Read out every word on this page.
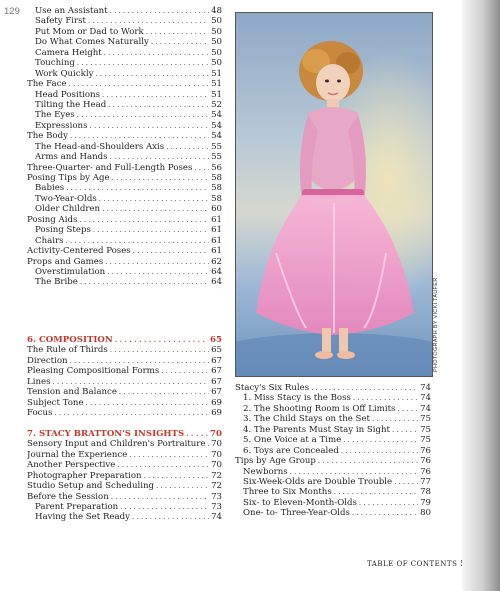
129 Use an Assistant . . .	48
Safety First . . .	50
Put Mom or Dad to Work . . .	50
Do What Comes Naturally . . .	50
Camera Height . . .	50
Touching . . .	50
Work Quickly . . .	51
The Face . . .	51
Head Positions . . .	51
Tilting the Head . . .	52
The Eyes . . .	54
Expressions . . .	54
The Body . . .	54
The Head-and-Shoulders Axis . . .	55
Arms and Hands . . .	55
Three-Quarter- and Full-Length Poses . . . 56
Posing Tips by Age . . .	58
Babies . . .	58
Two-Year-Olds . . .	58
Older Children . . .	60
Posing Aids . . .	61
Posing Steps . . .	61
Chairs . . .	61
Activity-Centered Poses . . .	61
Props and Games . . .	62
Overstimulation . . .	64
The Bribe . . .	64
6. COMPOSITION . . .	65
The Rule of Thirds . . .	65
Direction . . .	67
Pleasing Compositional Forms . . .	67
Lines . . .	67
Tension and Balance . . .	67
Subject Tone . . .	69
Focus . . .	69
7. STACY BRATTON'S INSIGHTS . . .	70
Sensory Input and Children's Portraiture . . . 70
Journal the Experience . . .	70
Another Perspective . . .	70
Photographer Preparation . . .	72
Studio Setup and Scheduling . . .	72
Before the Session . . .	73
Parent Preparation . . .	73
Having the Set Ready . . .	74
Stacy's Six Rules . . .	74
1. Miss Stacy is the Boss . . .	74
2. The Shooting Room is Off Limits . . .	74
3. The Child Stays on the Set . . .	75
4. The Parents Must Stay in Sight . . .	75
5. One Voice at a Time . . .	75
6. Toys are Concealed . . .	76
Tips by Age Group . . .	76
Newborns . . .	76
Six-Week-Olds are Double Trouble . . .	77
Three to Six Months . . .	78
Six- to Eleven-Month-Olds . . .	79
One- to- Three-Year-Olds . . .	80
PHOTOGRAPH BY VICKI TAUFER
TABLE OF CONTENTS
